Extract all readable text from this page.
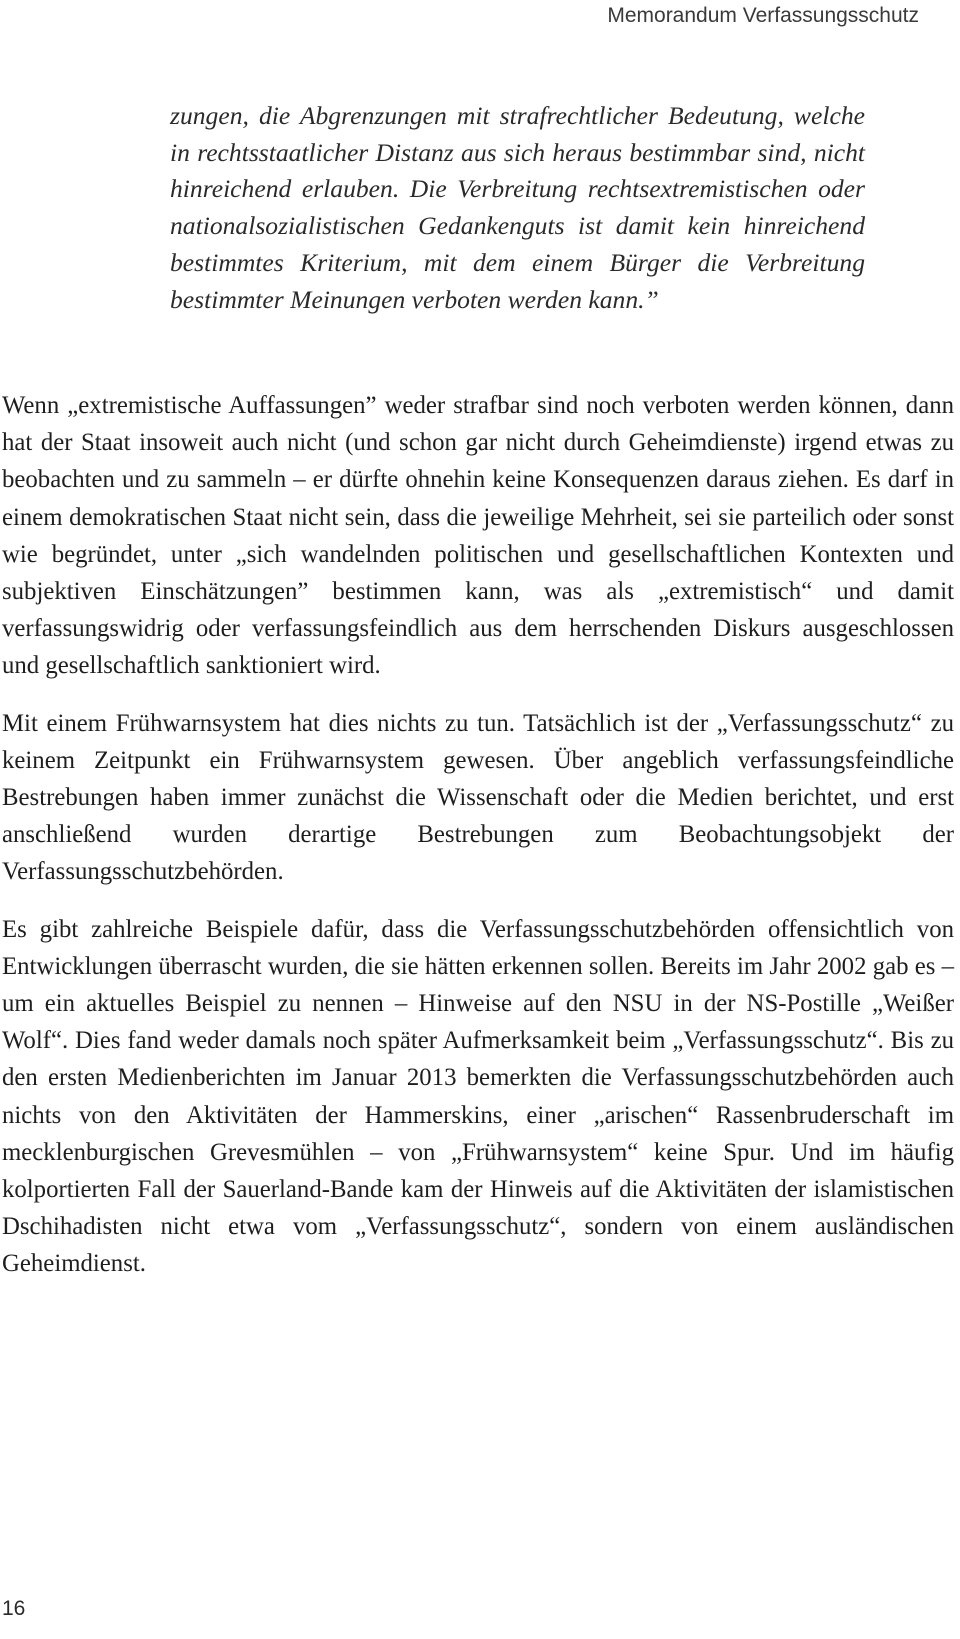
Memorandum Verfassungsschutz
zungen, die Abgrenzungen mit strafrechtlicher Bedeutung, welche in rechtsstaatlicher Distanz aus sich heraus bestimmbar sind, nicht hinreichend erlauben. Die Verbreitung rechtsextremistischen oder nationalsozialistischen Gedankenguts ist damit kein hinreichend bestimmtes Kriterium, mit dem einem Bürger die Verbreitung bestimmter Meinungen verboten werden kann.”

Wenn „extremistische Auffassungen” weder strafbar sind noch verboten werden können, dann hat der Staat insoweit auch nicht (und schon gar nicht durch Geheimdienste) irgend etwas zu beobachten und zu sammeln – er dürfte ohnehin keine Konsequenzen daraus ziehen. Es darf in einem demokratischen Staat nicht sein, dass die jeweilige Mehrheit, sei sie parteilich oder sonst wie begründet, unter „sich wandelnden politischen und gesellschaftlichen Kontexten und subjektiven Einschätzungen” bestimmen kann, was als „extremistisch“ und damit verfassungswidrig oder verfassungsfeindlich aus dem herrschenden Diskurs ausgeschlossen und gesellschaftlich sanktioniert wird.

Mit einem Frühwarnsystem hat dies nichts zu tun. Tatsächlich ist der „Verfassungsschutz“ zu keinem Zeitpunkt ein Frühwarnsystem gewesen. Über angeblich verfassungsfeindliche Bestrebungen haben immer zunächst die Wissenschaft oder die Medien berichtet, und erst anschließend wurden derartige Bestrebungen zum Beobachtungsobjekt der Verfassungsschutzbehörden.

Es gibt zahlreiche Beispiele dafür, dass die Verfassungsschutzbehörden offensichtlich von Entwicklungen überrascht wurden, die sie hätten erkennen sollen. Bereits im Jahr 2002 gab es – um ein aktuelles Beispiel zu nennen – Hinweise auf den NSU in der NS-Postille „Weißer Wolf“. Dies fand weder damals noch später Aufmerksamkeit beim „Verfassungsschutz“. Bis zu den ersten Medienberichten im Januar 2013 bemerkten die Verfassungsschutzbehörden auch nichts von den Aktivitäten der Hammerskins, einer „arischen“ Rassenbruderschaft im mecklenburgischen Grevesmühlen – von „Frühwarnsystem“ keine Spur. Und im häufig kolportierten Fall der Sauerland-Bande kam der Hinweis auf die Aktivitäten der islamistischen Dschihadisten nicht etwa vom „Verfassungsschutz“, sondern von einem ausländischen Geheimdienst.

16
